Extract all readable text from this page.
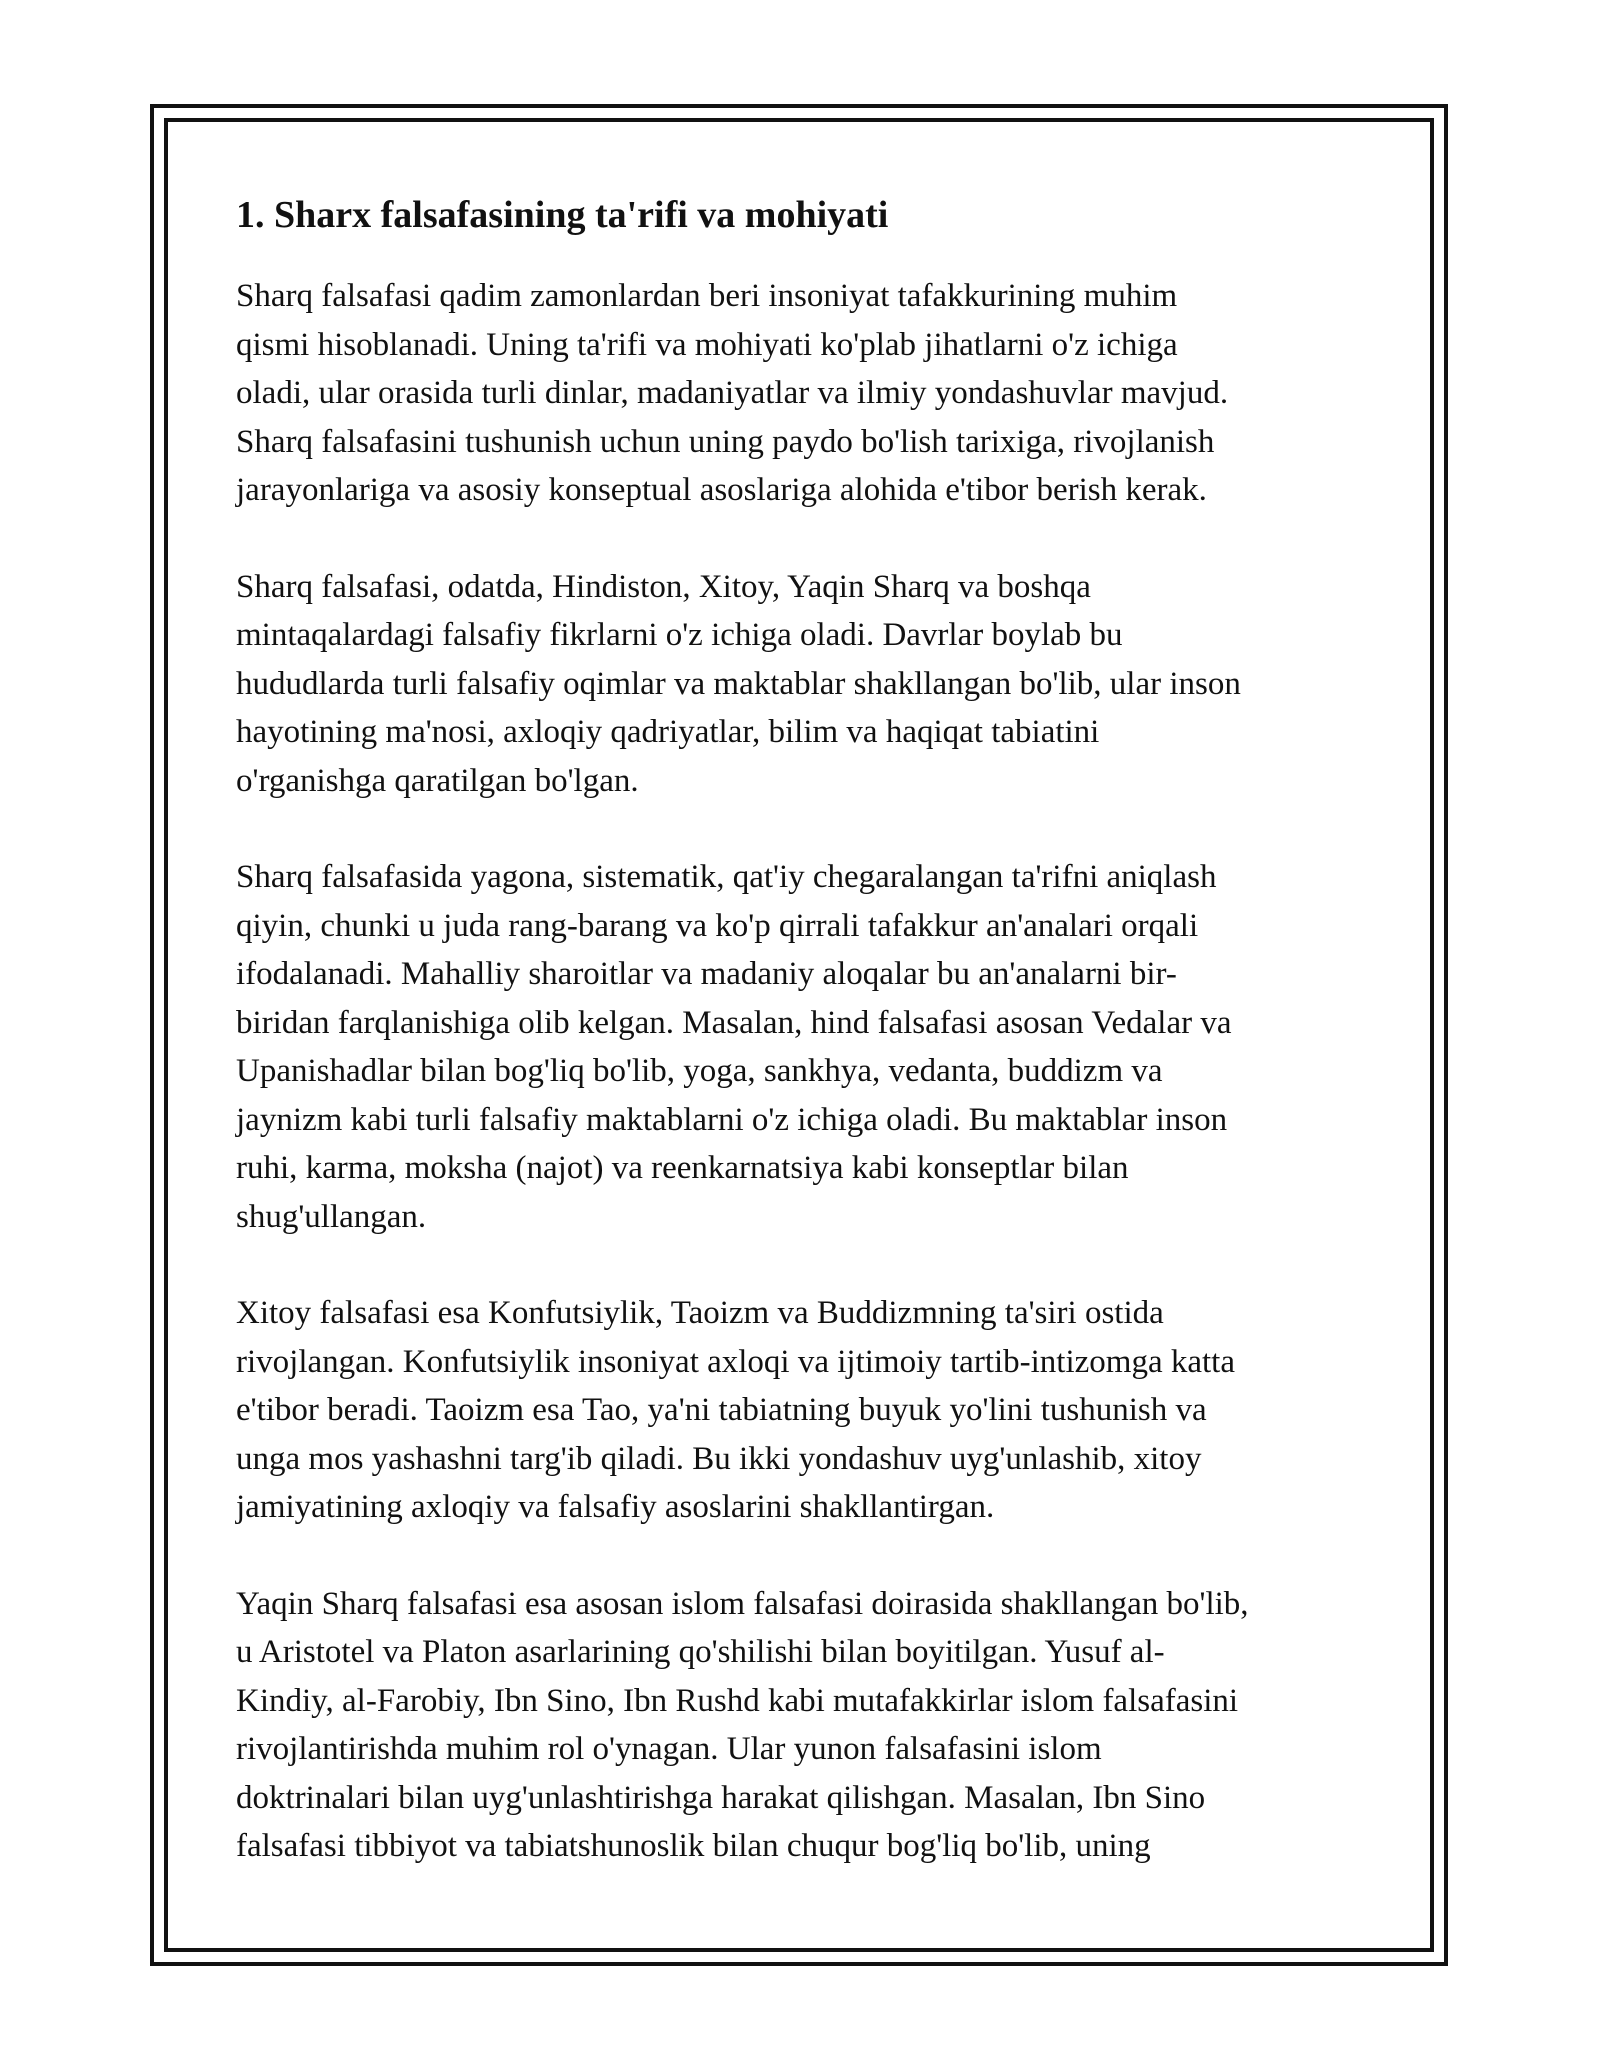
1. Sharx falsafasining ta'rifi va mohiyati

Sharq falsafasi qadim zamonlardan beri insoniyat tafakkurining muhim
qismi hisoblanadi. Uning ta'rifi va mohiyati ko'plab jihatlarni o'z ichiga
oladi, ular orasida turli dinlar, madaniyatlar va ilmiy yondashuvlar mavjud.
Sharq falsafasini tushunish uchun uning paydo bo'lish tarixiga, rivojlanish
jarayonlariga va asosiy konseptual asoslariga alohida e'tibor berish kerak.

Sharq falsafasi, odatda, Hindiston, Xitoy, Yaqin Sharq va boshqa
mintaqalardagi falsafiy fikrlarni o'z ichiga oladi. Davrlar boylab bu
hududlarda turli falsafiy oqimlar va maktablar shakllangan bo'lib, ular inson
hayotining ma'nosi, axloqiy qadriyatlar, bilim va haqiqat tabiatini
o'rganishga qaratilgan bo'lgan.

Sharq falsafasida yagona, sistematik, qat'iy chegaralangan ta'rifni aniqlash
qiyin, chunki u juda rang-barang va ko'p qirrali tafakkur an'analari orqali
ifodalanadi. Mahalliy sharoitlar va madaniy aloqalar bu an'analarni bir-
biridan farqlanishiga olib kelgan. Masalan, hind falsafasi asosan Vedalar va
Upanishadlar bilan bog'liq bo'lib, yoga, sankhya, vedanta, buddizm va
jaynizm kabi turli falsafiy maktablarni o'z ichiga oladi. Bu maktablar inson
ruhi, karma, moksha (najot) va reenkarnatsiya kabi konseptlar bilan
shug'ullangan.

Xitoy falsafasi esa Konfutsiylik, Taoizm va Buddizmning ta'siri ostida
rivojlangan. Konfutsiylik insoniyat axloqi va ijtimoiy tartib-intizomga katta
e'tibor beradi. Taoizm esa Tao, ya'ni tabiatning buyuk yo'lini tushunish va
unga mos yashashni targ'ib qiladi. Bu ikki yondashuv uyg'unlashib, xitoy
jamiyatining axloqiy va falsafiy asoslarini shakllantirgan.

Yaqin Sharq falsafasi esa asosan islom falsafasi doirasida shakllangan bo'lib,
u Aristotel va Platon asarlarining qo'shilishi bilan boyitilgan. Yusuf al-
Kindiy, al-Farobiy, Ibn Sino, Ibn Rushd kabi mutafakkirlar islom falsafasini
rivojlantirishda muhim rol o'ynagan. Ular yunon falsafasini islom
doktrinalari bilan uyg'unlashtirishga harakat qilishgan. Masalan, Ibn Sino
falsafasi tibbiyot va tabiatshunoslik bilan chuqur bog'liq bo'lib, uning
